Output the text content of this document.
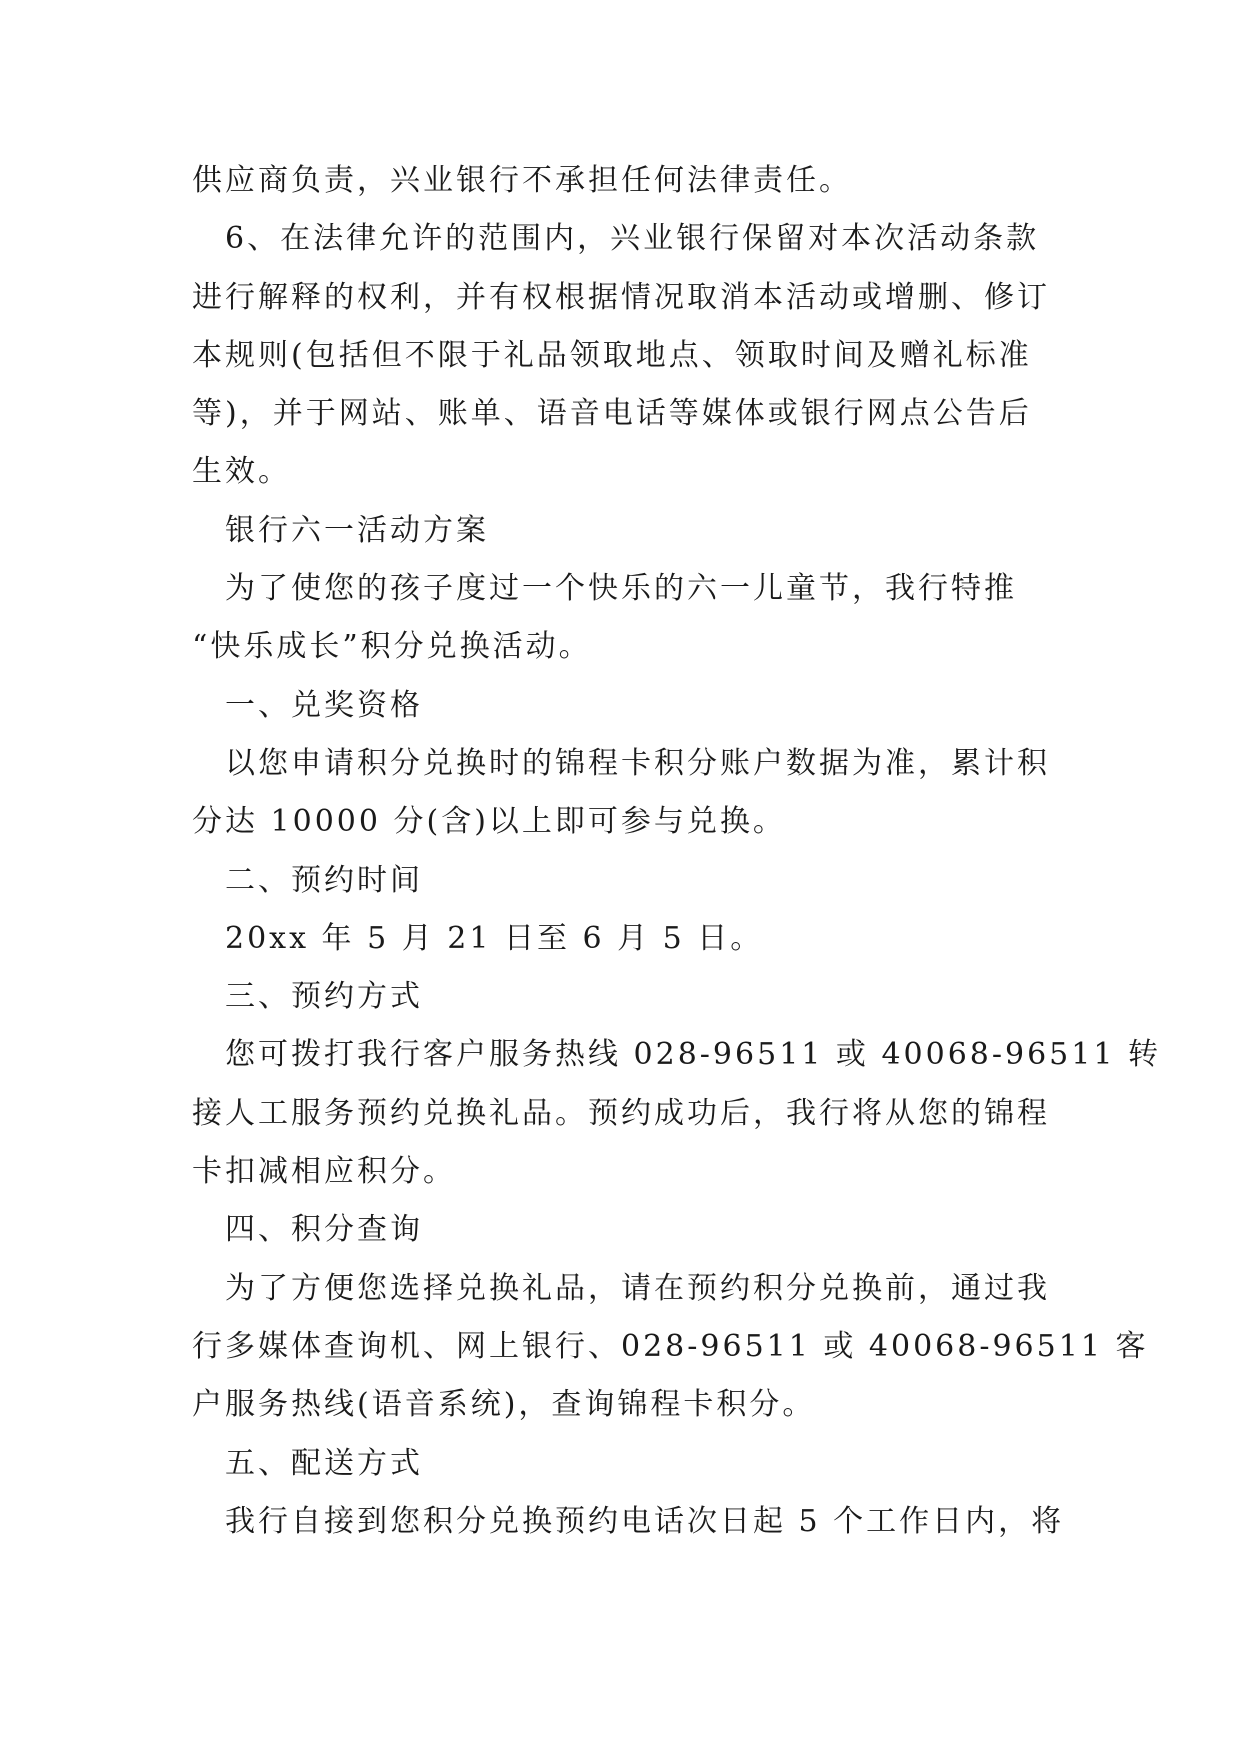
供应商负责，兴业银行不承担任何法律责任。
6、在法律允许的范围内，兴业银行保留对本次活动条款
进行解释的权利，并有权根据情况取消本活动或增删、修订
本规则(包括但不限于礼品领取地点、领取时间及赠礼标准
等)，并于网站、账单、语音电话等媒体或银行网点公告后
生效。
银行六一活动方案
为了使您的孩子度过一个快乐的六一儿童节，我行特推
“快乐成长”积分兑换活动。
一、兑奖资格
以您申请积分兑换时的锦程卡积分账户数据为准，累计积
分达 10000 分(含)以上即可参与兑换。
二、预约时间
20xx 年 5 月 21 日至 6 月 5 日。
三、预约方式
您可拨打我行客户服务热线 028-96511 或 40068-96511 转
接人工服务预约兑换礼品。预约成功后，我行将从您的锦程
卡扣减相应积分。
四、积分查询
为了方便您选择兑换礼品，请在预约积分兑换前，通过我
行多媒体查询机、网上银行、028-96511 或 40068-96511 客
户服务热线(语音系统)，查询锦程卡积分。
五、配送方式
我行自接到您积分兑换预约电话次日起 5 个工作日内，将
